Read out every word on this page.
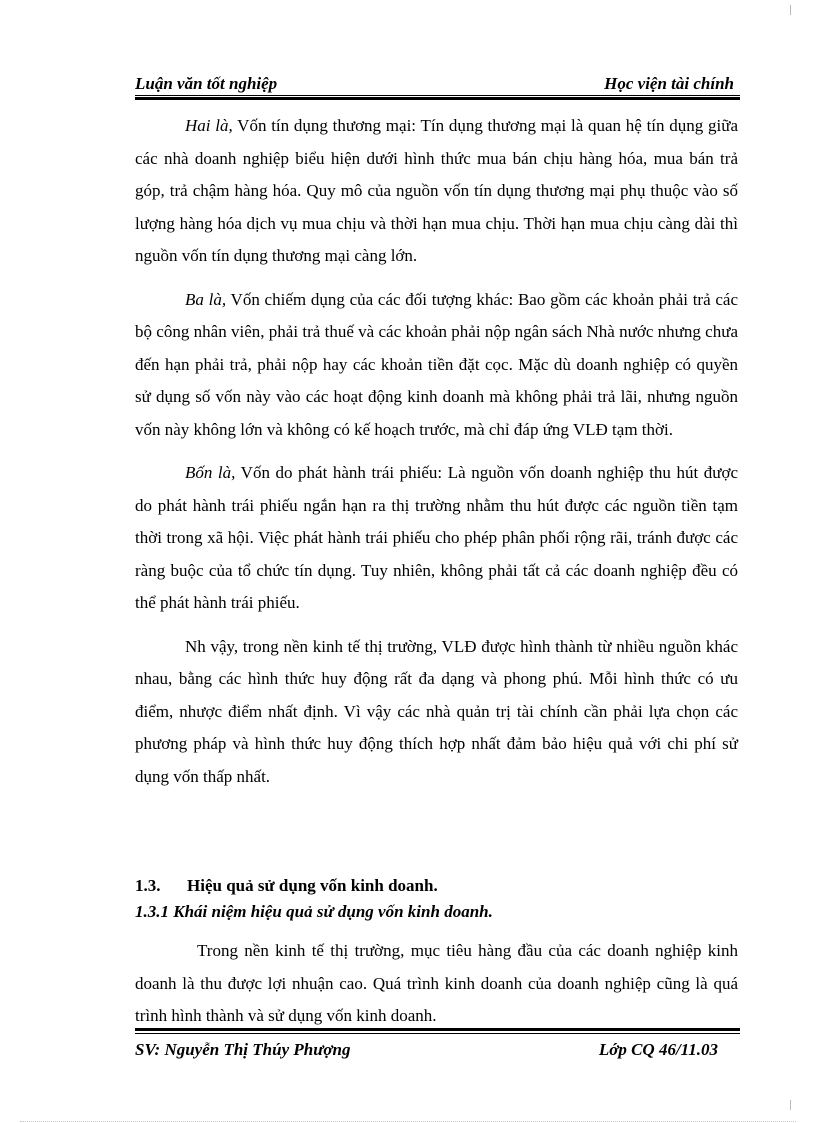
Luận văn tốt nghiệp	Học viện tài chính

Hai là, Vốn tín dụng thương mại: Tín dụng thương mại là quan hệ tín dụng giữa các nhà doanh nghiệp biểu hiện dưới hình thức mua bán chịu hàng hóa, mua bán trả góp, trả chậm hàng hóa. Quy mô của nguồn vốn tín dụng thương mại phụ thuộc vào số lượng hàng hóa dịch vụ mua chịu và thời hạn mua chịu. Thời hạn mua chịu càng dài thì nguồn vốn tín dụng thương mại càng lớn.

Ba là, Vốn chiếm dụng của các đối tượng khác: Bao gồm các khoản phải trả các bộ công nhân viên, phải trả thuế và các khoản phải nộp ngân sách Nhà nước nhưng chưa đến hạn phải trả, phải nộp hay các khoản tiền đặt cọc. Mặc dù doanh nghiệp có quyền sử dụng số vốn này vào các hoạt động kinh doanh mà không phải trả lãi, nhưng nguồn vốn này không lớn và không có kế hoạch trước, mà chỉ đáp ứng VLĐ tạm thời.

Bốn là, Vốn do phát hành trái phiếu: Là nguồn vốn doanh nghiệp thu hút được do phát hành trái phiếu ngắn hạn ra thị trường nhằm thu hút được các nguồn tiền tạm thời trong xã hội. Việc phát hành trái phiếu cho phép phân phối rộng rãi, tránh được các ràng buộc của tổ chức tín dụng. Tuy nhiên, không phải tất cả các doanh nghiệp đều có thể phát hành trái phiếu.

Nh vậy, trong nền kinh tế thị trường, VLĐ được hình thành từ nhiều nguồn khác nhau, bằng các hình thức huy động rất đa dạng và phong phú. Mỗi hình thức có ưu điểm, nhược điểm nhất định. Vì vậy các nhà quản trị tài chính cần phải lựa chọn các phương pháp và hình thức huy động thích hợp nhất đảm bảo hiệu quả với chi phí sử dụng vốn thấp nhất.

1.3. Hiệu quả sử dụng vốn kinh doanh.
1.3.1 Khái niệm hiệu quả sử dụng vốn kinh doanh.

Trong nền kinh tế thị trường, mục tiêu hàng đầu của các doanh nghiệp kinh doanh là thu được lợi nhuận cao. Quá trình kinh doanh của doanh nghiệp cũng là quá trình hình thành và sử dụng vốn kinh doanh.

SV: Nguyễn Thị Thúy Phượng	Lớp CQ 46/11.03
